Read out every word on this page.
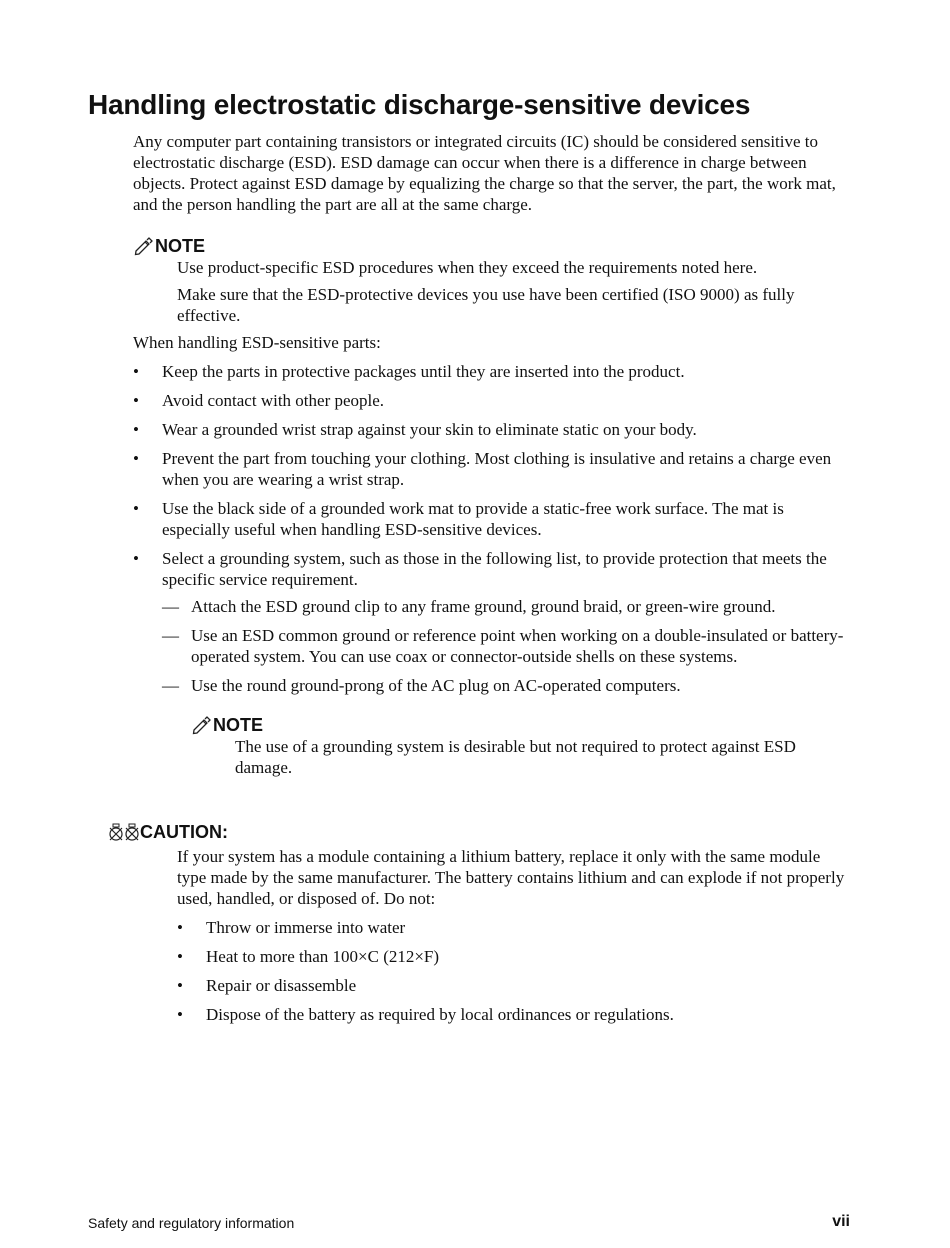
Handling electrostatic discharge-sensitive devices

Any computer part containing transistors or integrated circuits (IC) should be considered sensitive to electrostatic discharge (ESD). ESD damage can occur when there is a difference in charge between objects. Protect against ESD damage by equalizing the charge so that the server, the part, the work mat, and the person handling the part are all at the same charge.

NOTE

Use product-specific ESD procedures when they exceed the requirements noted here.

Make sure that the ESD-protective devices you use have been certified (ISO 9000) as fully effective.

When handling ESD-sensitive parts:

• Keep the parts in protective packages until they are inserted into the product.
• Avoid contact with other people.
• Wear a grounded wrist strap against your skin to eliminate static on your body.
• Prevent the part from touching your clothing. Most clothing is insulative and retains a charge even when you are wearing a wrist strap.
• Use the black side of a grounded work mat to provide a static-free work surface. The mat is especially useful when handling ESD-sensitive devices.
• Select a grounding system, such as those in the following list, to provide protection that meets the specific service requirement.
— Attach the ESD ground clip to any frame ground, ground braid, or green-wire ground.
— Use an ESD common ground or reference point when working on a double-insulated or battery-operated system. You can use coax or connector-outside shells on these systems.
— Use the round ground-prong of the AC plug on AC-operated computers.
NOTE

The use of a grounding system is desirable but not required to protect against ESD damage.

CAUTION:

If your system has a module containing a lithium battery, replace it only with the same module type made by the same manufacturer. The battery contains lithium and can explode if not properly used, handled, or disposed of. Do not:

• Throw or immerse into water
• Heat to more than 100×C (212×F)
• Repair or disassemble
• Dispose of the battery as required by local ordinances or regulations.
Safety and regulatory information	vii
